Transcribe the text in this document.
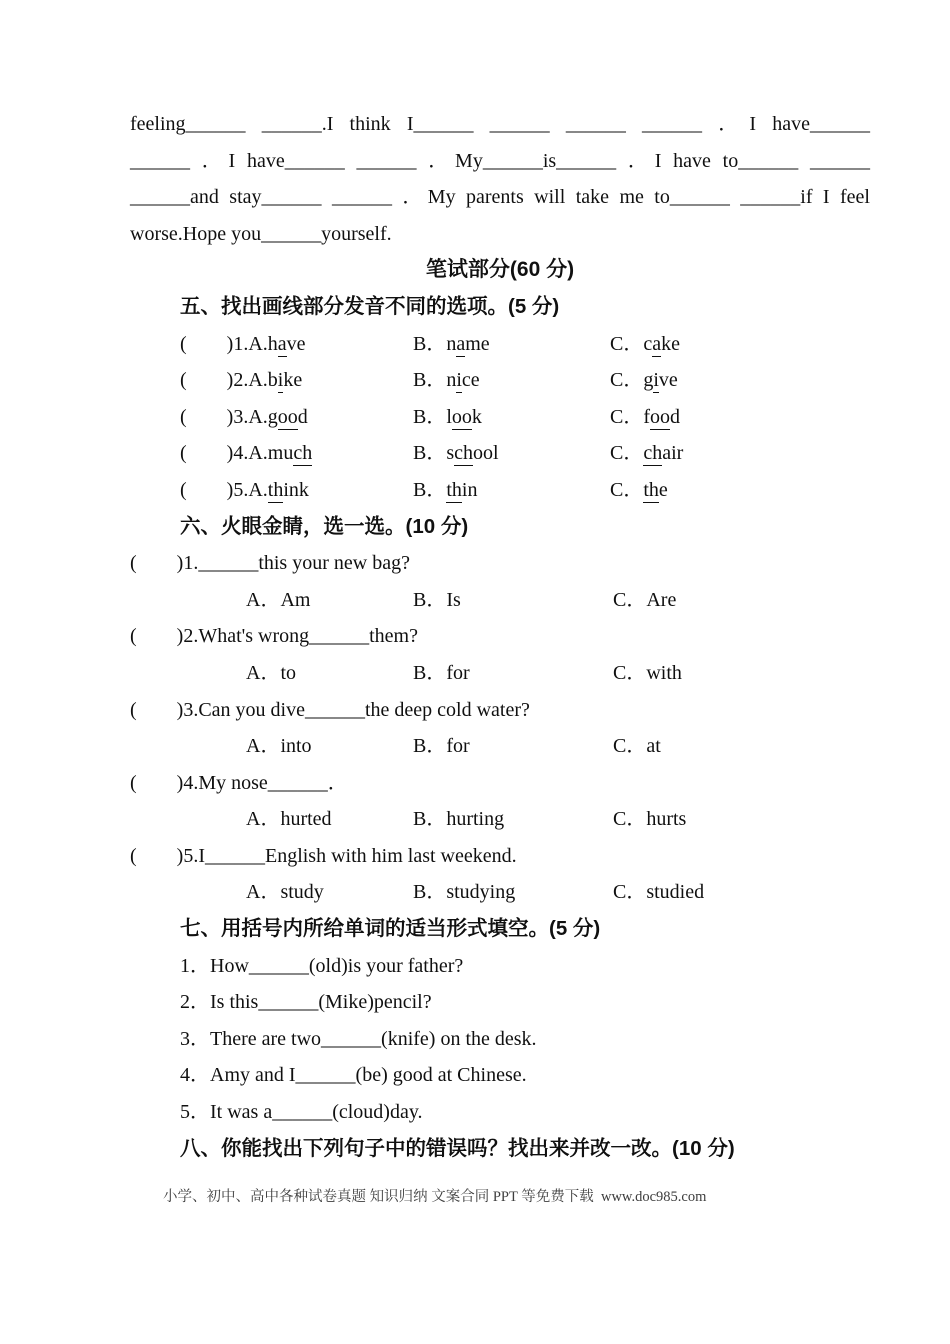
feeling______ ______.I think I______ ______ ______ ______ ．I have______
______ ．I have______ ______ ．My______is______ ．I have to______ ______
______and stay______ ______ ．My parents will take me to______ ______if I feel
worse.Hope you______yourself.
笔试部分(60 分)
五、找出画线部分发音不同的选项。(5 分)
(        )1.A.have	B．name	C．cake
(        )2.A.bike	B．nice	C．give
(        )3.A.good	B．look	C．food
(        )4.A.much	B．school	C．chair
(        )5.A.think	B．thin	C．the
六、火眼金睛，选一选。(10 分)
(        )1.______this your new bag?
A．Am	B．Is	C．Are
(        )2.What's wrong______them?
A．to	B．for	C．with
(        )3.Can you dive______the deep cold water?
A．into	B．for	C．at
(        )4.My nose______．
A．hurted	B．hurting	C．hurts
(        )5.I______English with him last weekend.
A．study	B．studying	C．studied
七、用括号内所给单词的适当形式填空。(5 分)
1．How______(old)is your father?
2．Is this______(Mike)pencil?
3．There are two______(knife) on the desk.
4．Amy and I______(be) good at Chinese.
5．It was a______(cloud)day.
八、你能找出下列句子中的错误吗？找出来并改一改。(10 分)
小学、初中、高中各种试卷真题 知识归纳 文案合同 PPT 等免费下载  www.doc985.com
